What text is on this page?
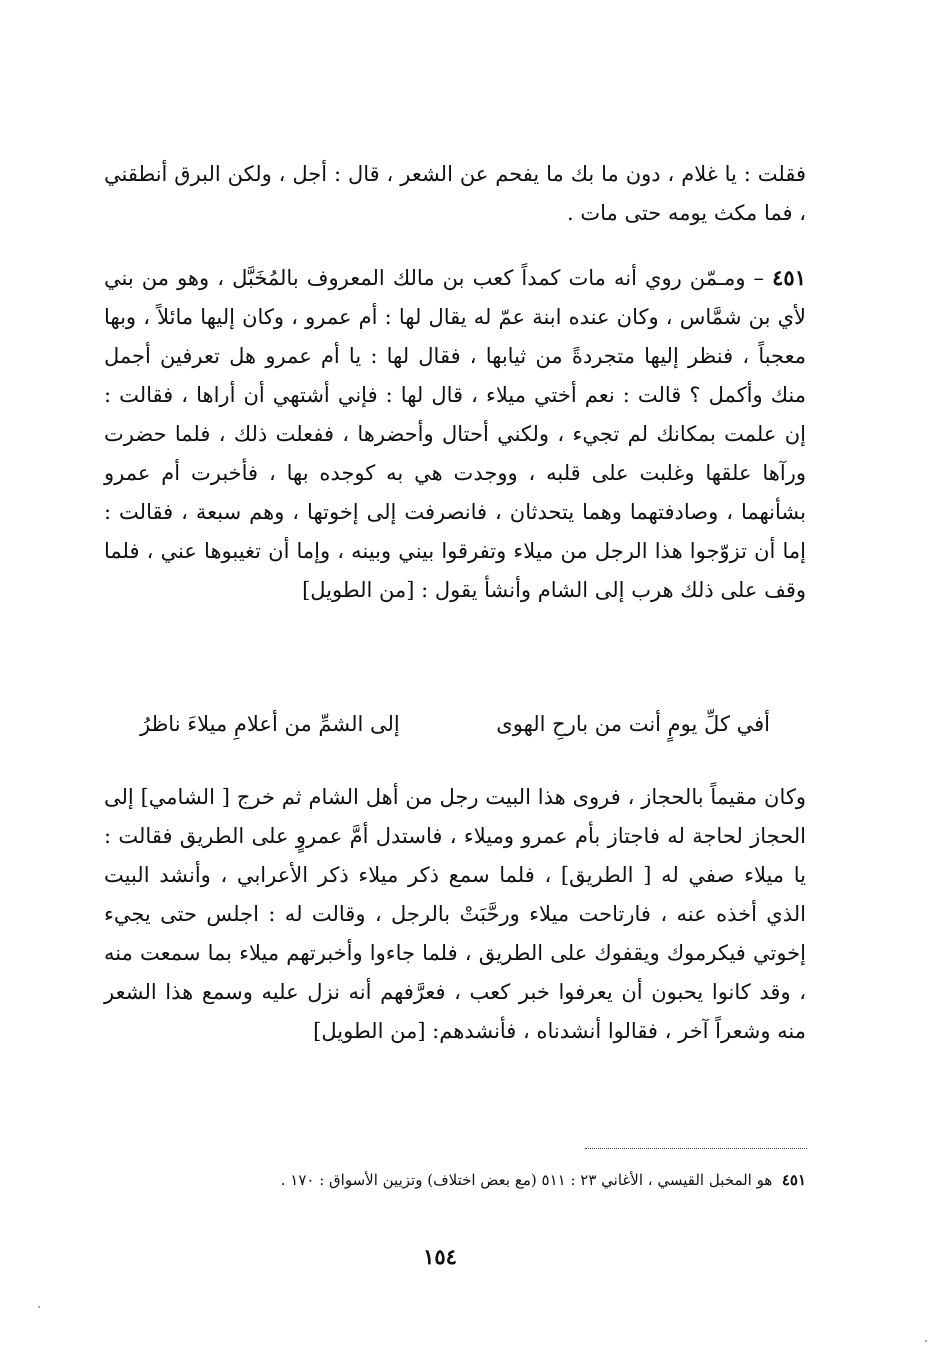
فقلت : يا غلام ، دون ما بك ما يفحم عن الشعر ، قال : أجل ، ولكن البرق أنطقني ، فما مكث يومه حتى مات .

٤٥١ – ومـمّن روي أنه مات كمداً كعب بن مالك المعروف بالمُخَبَّل ، وهو من بني لأي بن شمَّاس ، وكان عنده ابنة عمّ له يقال لها : أم عمرو ، وكان إليها مائلاً ، وبها معجباً ، فنظر إليها متجردةً من ثيابها ، فقال لها : يا أم عمرو هل تعرفين أجمل منك وأكمل ؟ قالت : نعم أختي ميلاء ، قال لها : فإني أشتهي أن أراها ، فقالت : إن علمت بمكانك لم تجيء ، ولكني أحتال وأحضرها ، ففعلت ذلك ، فلما حضرت ورآها علقها وغلبت على قلبه ، ووجدت هي به كوجده بها ، فأخبرت أم عمرو بشأنهما ، وصادفتهما وهما يتحدثان ، فانصرفت إلى إخوتها ، وهم سبعة ، فقالت : إما أن تزوّجوا هذا الرجل من ميلاء وتفرقوا بيني وبينه ، وإما أن تغيبوها عني ، فلما وقف على ذلك هرب إلى الشام وأنشأ يقول : [من الطويل]

أفي كلِّ يومٍ أنت من بارحِ الهوى
إلى الشمِّ من أعلامِ ميلاءَ ناظرُ

وكان مقيماً بالحجاز ، فروى هذا البيت رجل من أهل الشام ثم خرج [ الشامي] إلى الحجاز لحاجة له فاجتاز بأم عمرو وميلاء ، فاستدل أمَّ عمروٍ على الطريق فقالت : يا ميلاء صفي له [ الطريق] ، فلما سمع ذكر ميلاء ذكر الأعرابي ، وأنشد البيت الذي أخذه عنه ، فارتاحت ميلاء ورحَّبَتْ بالرجل ، وقالت له : اجلس حتى يجيء إخوتي فيكرموك ويقفوك على الطريق ، فلما جاءوا وأخبرتهم ميلاء بما سمعت منه ، وقد كانوا يحبون أن يعرفوا خبر كعب ، فعرَّفهم أنه نزل عليه وسمع هذا الشعر منه وشعراً آخر ، فقالوا أنشدناه ، فأنشدهم: [من الطويل]

٤٥١  هو المخبل القيسي ، الأغاني ٢٣ : ٥١١ (مع بعض اختلاف) وتزيين الأسواق : ١٧٠ .
١٥٤
